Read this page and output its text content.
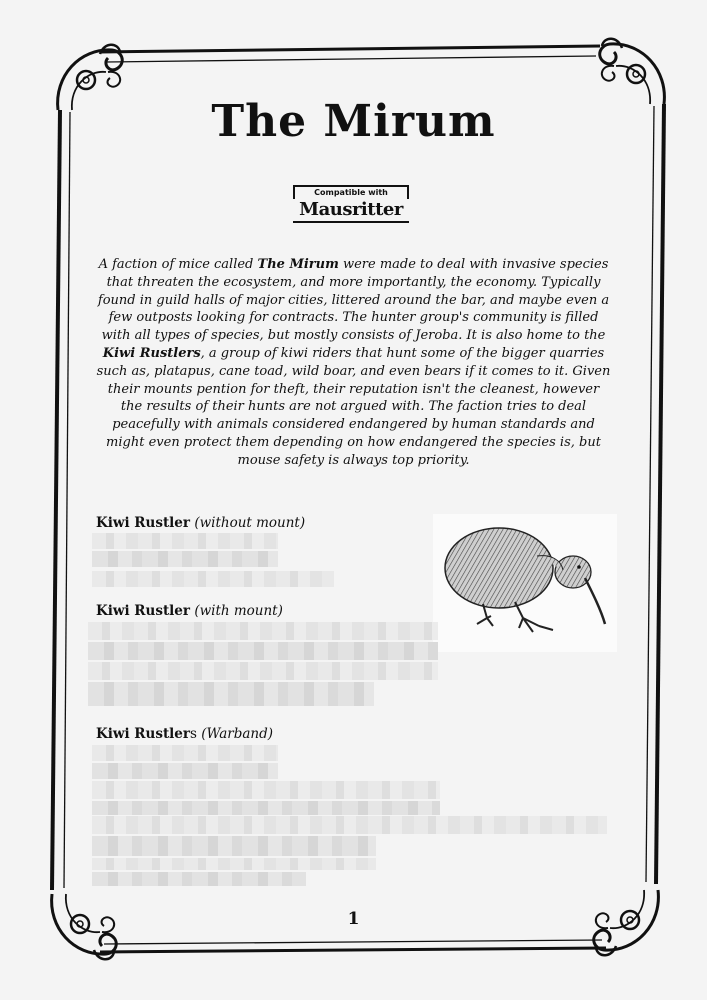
The Mirum
Compatible with
Mausritter
A faction of mice called The Mirum were made to deal with invasive species that threaten the ecosystem, and more importantly, the economy. Typically found in guild halls of major cities, littered around the bar, and maybe even a few outposts looking for contracts. The hunter group's community is filled with all types of species, but mostly consists of Jeroba. It is also home to the Kiwi Rustlers, a group of kiwi riders that hunt some of the bigger quarries such as, platapus, cane toad, wild boar, and even bears if it comes to it. Given their mounts pention for theft, their reputation isn't the cleanest, however the results of their hunts are not argued with. The faction tries to deal peacefully with animals considered endangered by human standards and might even protect them depending on how endangered the species is, but mouse safety is always top priority.
Kiwi Rustler (without mount)
Kiwi Rustler (with mount)
Kiwi Rustlers (Warband)
1
